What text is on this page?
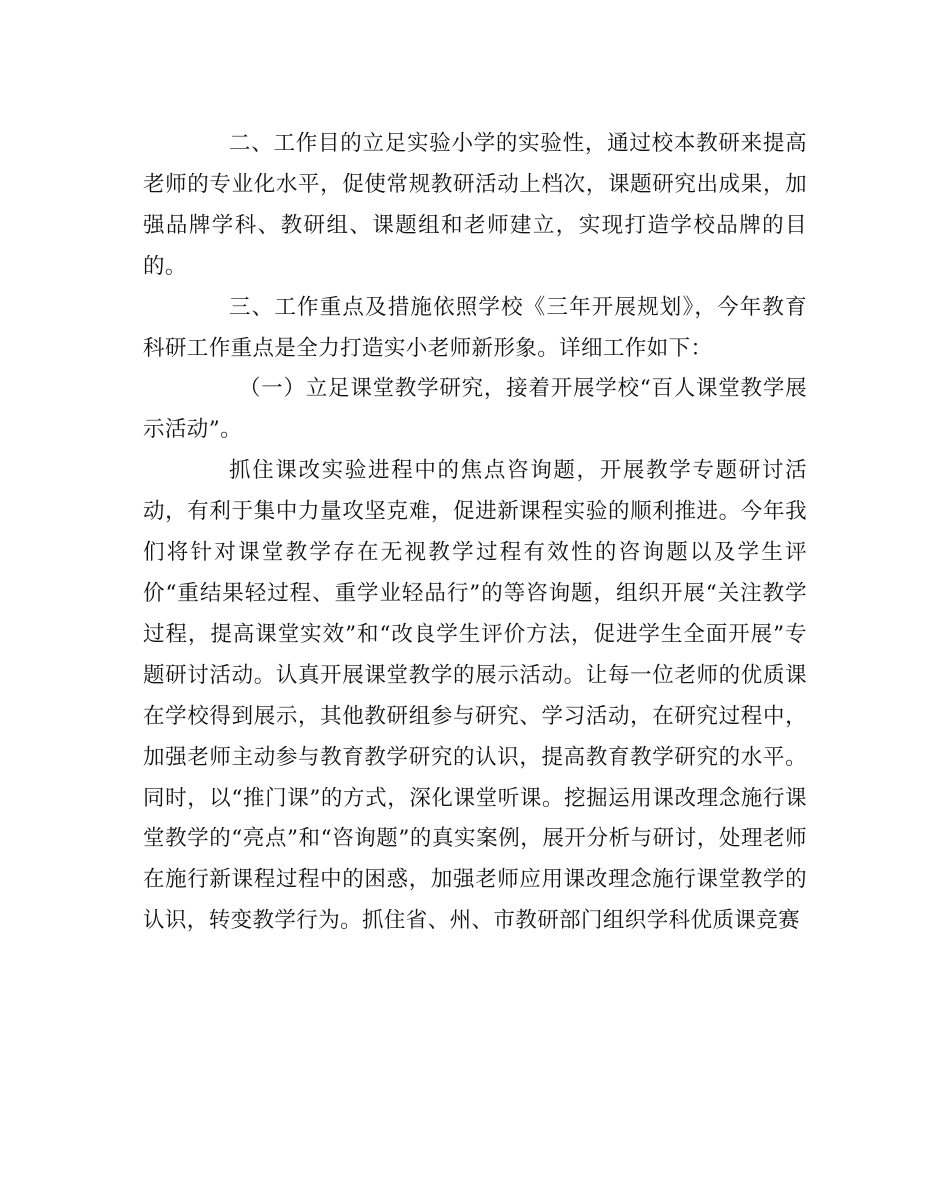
二、工作目的立足实验小学的实验性，通过校本教研来提高老师的专业化水平，促使常规教研活动上档次，课题研究出成果，加强品牌学科、教研组、课题组和老师建立，实现打造学校品牌的目的。

三、工作重点及措施依照学校《三年开展规划》，今年教育科研工作重点是全力打造实小老师新形象。详细工作如下：

（一）立足课堂教学研究，接着开展学校“百人课堂教学展示活动”。

抓住课改实验进程中的焦点咨询题，开展教学专题研讨活动，有利于集中力量攻坚克难，促进新课程实验的顺利推进。今年我们将针对课堂教学存在无视教学过程有效性的咨询题以及学生评价“重结果轻过程、重学业轻品行”的等咨询题，组织开展“关注教学过程，提高课堂实效”和“改良学生评价方法，促进学生全面开展”专题研讨活动。认真开展课堂教学的展示活动。让每一位老师的优质课在学校得到展示，其他教研组参与研究、学习活动，在研究过程中，加强老师主动参与教育教学研究的认识，提高教育教学研究的水平。同时，以“推门课”的方式，深化课堂听课。挖掘运用课改理念施行课堂教学的“亮点”和“咨询题”的真实案例，展开分析与研讨，处理老师在施行新课程过程中的困惑，加强老师应用课改理念施行课堂教学的认识，转变教学行为。抓住省、州、市教研部门组织学科优质课竞赛
